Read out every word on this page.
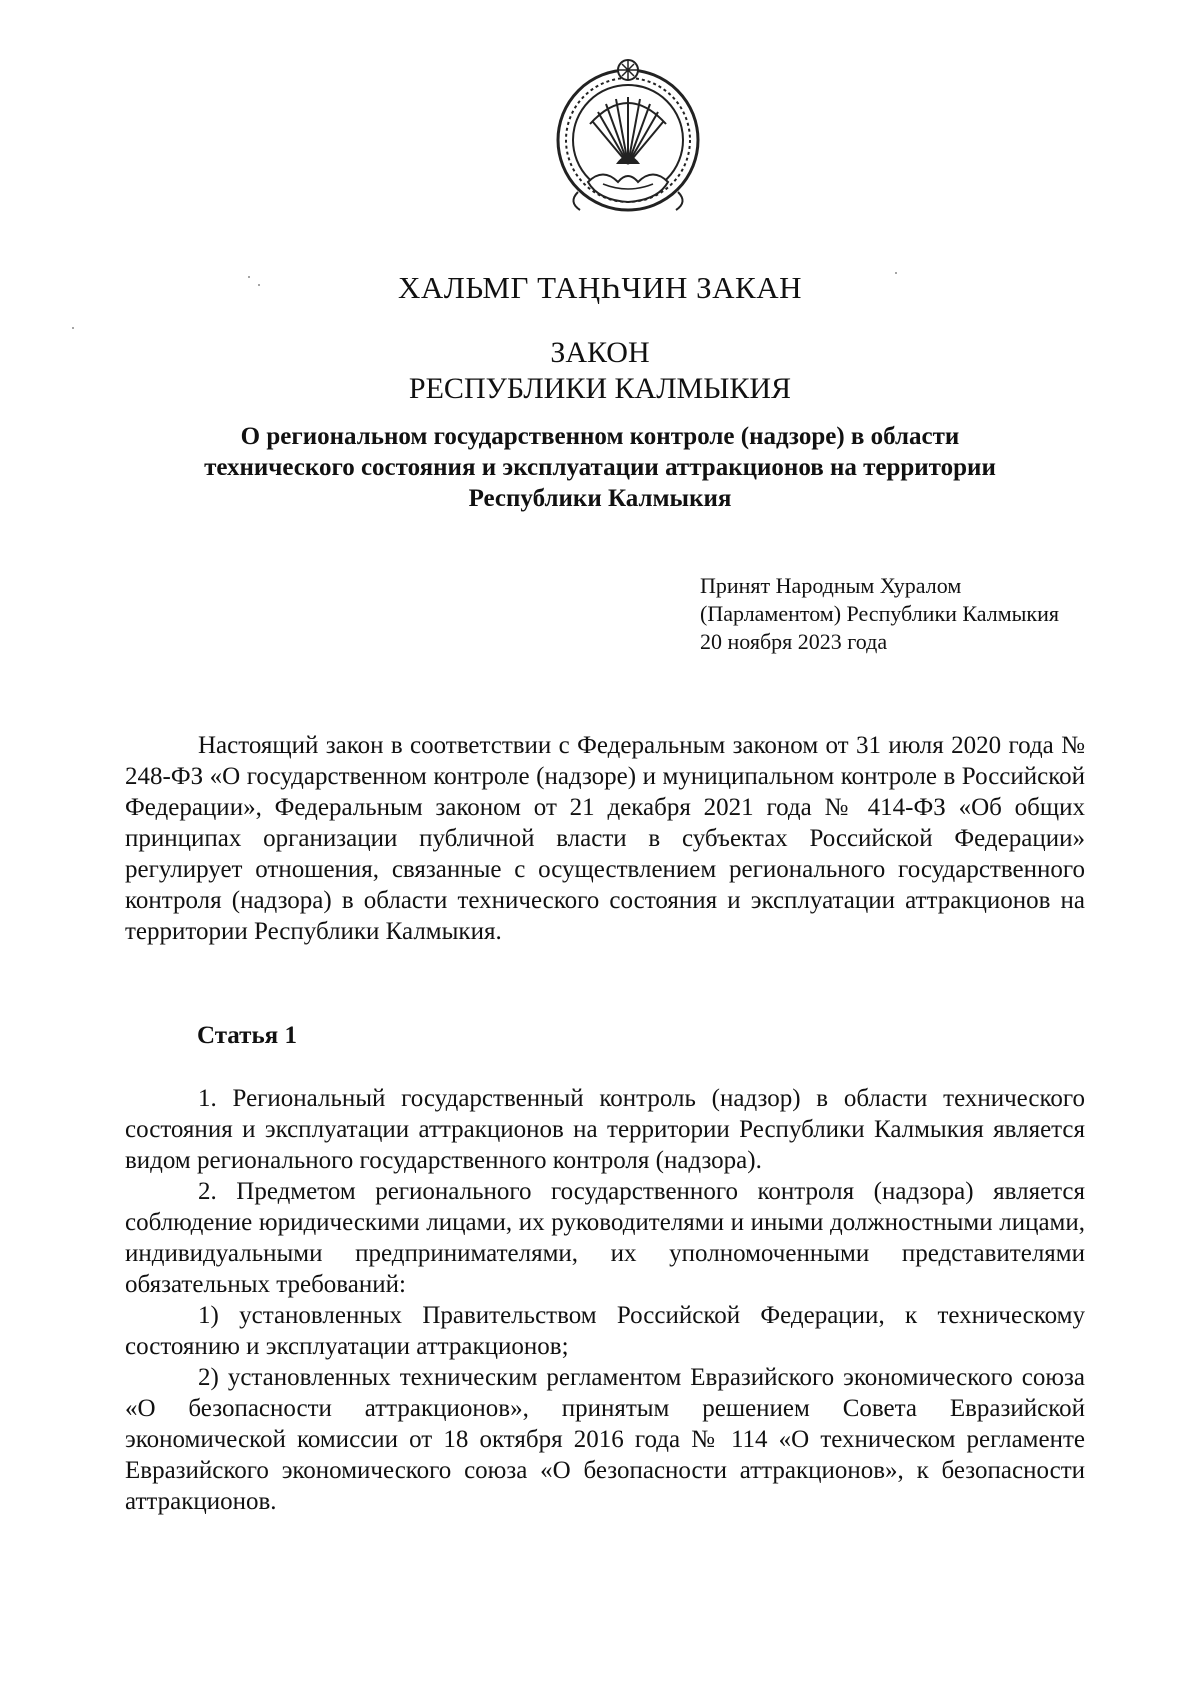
ХАЛЬМГ ТАҢҺЧИН ЗАКАН
ЗАКОН
РЕСПУБЛИКИ КАЛМЫКИЯ
О региональном государственном контроле (надзоре) в области
технического состояния и эксплуатации аттракционов на территории
Республики Калмыкия
Принят Народным Хуралом
(Парламентом) Республики Калмыкия
20 ноября 2023 года

Настоящий закон в соответствии с Федеральным законом от 31 июля 2020 года № 248-ФЗ «О государственном контроле (надзоре) и муниципальном контроле в Российской Федерации», Федеральным законом от 21 декабря 2021 года № 414-ФЗ «Об общих принципах организации публичной власти в субъектах Российской Федерации» регулирует отношения, связанные с осуществлением регионального государственного контроля (надзора) в области технического состояния и эксплуатации аттракционов на территории Республики Калмыкия.

Статья 1

1. Региональный государственный контроль (надзор) в области технического состояния и эксплуатации аттракционов на территории Республики Калмыкия является видом регионального государственного контроля (надзора).

2. Предметом регионального государственного контроля (надзора) является соблюдение юридическими лицами, их руководителями и иными должностными лицами, индивидуальными предпринимателями, их уполномоченными представителями обязательных требований:

1) установленных Правительством Российской Федерации, к техническому состоянию и эксплуатации аттракционов;

2) установленных техническим регламентом Евразийского экономического союза «О безопасности аттракционов», принятым решением Совета Евразийской экономической комиссии от 18 октября 2016 года № 114 «О техническом регламенте Евразийского экономического союза «О безопасности аттракционов», к безопасности аттракционов.
